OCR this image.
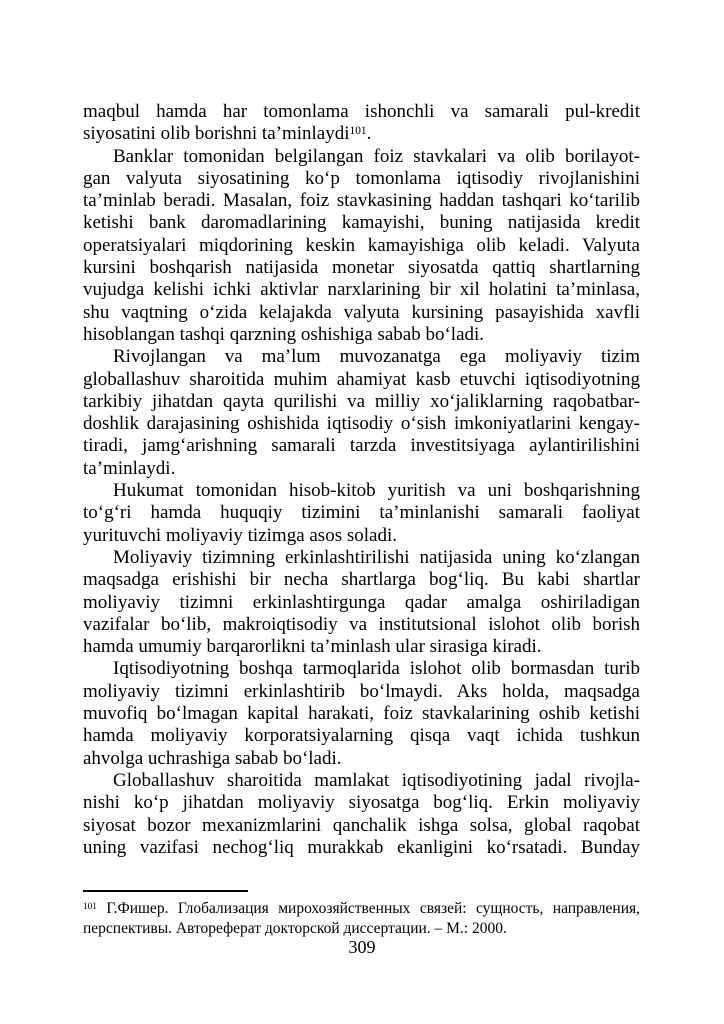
maqbul hamda har tomonlama ishonchli va samarali pul-kredit
siyosatini olib borishni ta’minlaydi$^{101}$.
Banklar tomonidan belgilangan foiz stavkalari va olib borilayot-
gan valyuta siyosatining ko‘p tomonlama iqtisodiy rivojlanishini
ta’minlab beradi. Masalan, foiz stavkasining haddan tashqari ko‘tarilib
ketishi bank daromadlarining kamayishi, buning natijasida kredit
operatsiyalari miqdorining keskin kamayishiga olib keladi. Valyuta
kursini boshqarish natijasida monetar siyosatda qattiq shartlarning
vujudga kelishi ichki aktivlar narxlarining bir xil holatini ta’minlasa,
shu vaqtning o‘zida kelajakda valyuta kursining pasayishida xavfli
hisoblangan tashqi qarzning oshishiga sabab bo‘ladi.
Rivojlangan va ma’lum muvozanatga ega moliyaviy tizim
globallashuv sharoitida muhim ahamiyat kasb etuvchi iqtisodiyotning
tarkibiy jihatdan qayta qurilishi va milliy xo‘jaliklarning raqobatbar-
doshlik darajasining oshishida iqtisodiy o‘sish imkoniyatlarini kengay-
tiradi, jamg‘arishning samarali tarzda investitsiyaga aylantirilishini
ta’minlaydi.
Hukumat tomonidan hisob-kitob yuritish va uni boshqarishning
to‘g‘ri hamda huquqiy tizimini ta’minlanishi samarali faoliyat
yurituvchi moliyaviy tizimga asos soladi.
Moliyaviy tizimning erkinlashtirilishi natijasida uning ko‘zlangan
maqsadga erishishi bir necha shartlarga bog‘liq. Bu kabi shartlar
moliyaviy tizimni erkinlashtirgunga qadar amalga oshiriladigan
vazifalar bo‘lib, makroiqtisodiy va institutsional islohot olib borish
hamda umumiy barqarorlikni ta’minlash ular sirasiga kiradi.
Iqtisodiyotning boshqa tarmoqlarida islohot olib bormasdan turib
moliyaviy tizimni erkinlashtirib bo‘lmaydi. Aks holda, maqsadga
muvofiq bo‘lmagan kapital harakati, foiz stavkalarining oshib ketishi
hamda moliyaviy korporatsiyalarning qisqa vaqt ichida tushkun
ahvolga uchrashiga sabab bo‘ladi.
Globallashuv sharoitida mamlakat iqtisodiyotining jadal rivojla-
nishi ko‘p jihatdan moliyaviy siyosatga bog‘liq. Erkin moliyaviy
siyosat bozor mexanizmlarini qanchalik ishga solsa, global raqobat
uning vazifasi nechog‘liq murakkab ekanligini ko‘rsatadi. Bunday
$^{101}$ Г.Фишер. Глобализация мирохозяйственных связей: сущность, направления,
перспективы. Автореферат докторской диссертации. – М.: 2000.
309
